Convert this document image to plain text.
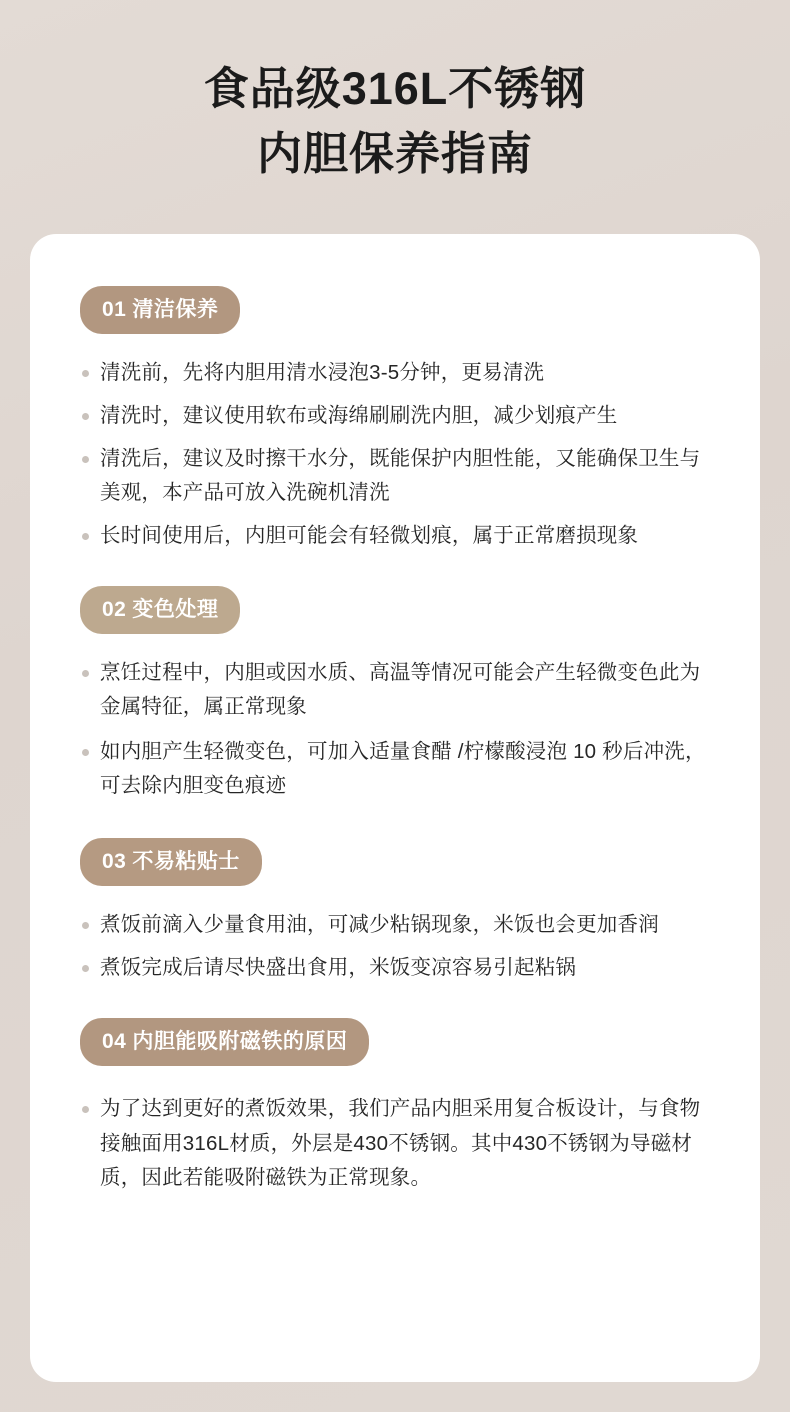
食品级316L不锈钢
内胆保养指南
01 清洁保养
清洗前，先将内胆用清水浸泡3-5分钟，更易清洗
清洗时，建议使用软布或海绵刷刷洗内胆，减少划痕产生
清洗后，建议及时擦干水分，既能保护内胆性能，又能确保卫生与美观，本产品可放入洗碗机清洗
长时间使用后，内胆可能会有轻微划痕，属于正常磨损现象
02 变色处理
烹饪过程中，内胆或因水质、高温等情况可能会产生轻微变色此为金属特征，属正常现象
如内胆产生轻微变色，可加入适量食醋 /柠檬酸浸泡 10 秒后冲洗，可去除内胆变色痕迹
03 不易粘贴士
煮饭前滴入少量食用油，可减少粘锅现象，米饭也会更加香润
煮饭完成后请尽快盛出食用，米饭变凉容易引起粘锅
04 内胆能吸附磁铁的原因
为了达到更好的煮饭效果，我们产品内胆采用复合板设计，与食物接触面用316L材质，外层是430不锈钢。其中430不锈钢为导磁材质，因此若能吸附磁铁为正常现象。
